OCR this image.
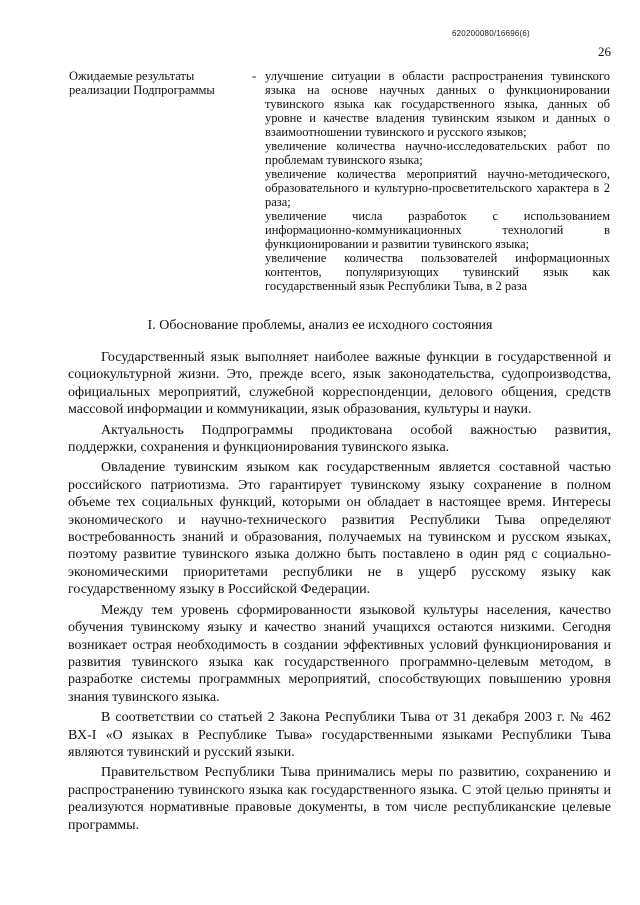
620200080/16696(6)
26
Ожидаемые результаты реализации Подпрограммы
- улучшение ситуации в области распространения тувинского языка на основе научных данных о функционировании тувинского языка как государственного языка, данных об уровне и качестве владения тувинским языком и данных о взаимоотношении тувинского и русского языков;

увеличение количества научно-исследовательских работ по проблемам тувинского языка;

увеличение количества мероприятий научно-методического, образовательного и культурно-просветительского характера в 2 раза;

увеличение числа разработок с использованием информационно-коммуникационных технологий в функционировании и развитии тувинского языка;

увеличение количества пользователей информационных контентов, популяризующих тувинский язык как государственный язык Республики Тыва, в 2 раза

I. Обоснование проблемы, анализ ее исходного состояния

Государственный язык выполняет наиболее важные функции в государственной и социокультурной жизни. Это, прежде всего, язык законодательства, судопроизводства, официальных мероприятий, служебной корреспонденции, делового общения, средств массовой информации и коммуникации, язык образования, культуры и науки.

Актуальность Подпрограммы продиктована особой важностью развития, поддержки, сохранения и функционирования тувинского языка.

Овладение тувинским языком как государственным является составной частью российского патриотизма. Это гарантирует тувинскому языку сохранение в полном объеме тех социальных функций, которыми он обладает в настоящее время. Интересы экономического и научно-технического развития Республики Тыва определяют востребованность знаний и образования, получаемых на тувинском и русском языках, поэтому развитие тувинского языка должно быть поставлено в один ряд с социально-экономическими приоритетами республики не в ущерб русскому языку как государственному языку в Российской Федерации.

Между тем уровень сформированности языковой культуры населения, качество обучения тувинскому языку и качество знаний учащихся остаются низкими. Сегодня возникает острая необходимость в создании эффективных условий функционирования и развития тувинского языка как государственного программно-целевым методом, в разработке системы программных мероприятий, способствующих повышению уровня знания тувинского языка.

В соответствии со статьей 2 Закона Республики Тыва от 31 декабря 2003 г. № 462 ВХ-I «О языках в Республике Тыва» государственными языками Республики Тыва являются тувинский и русский языки.

Правительством Республики Тыва принимались меры по развитию, сохранению и распространению тувинского языка как государственного языка. С этой целью приняты и реализуются нормативные правовые документы, в том числе республиканские целевые программы.
